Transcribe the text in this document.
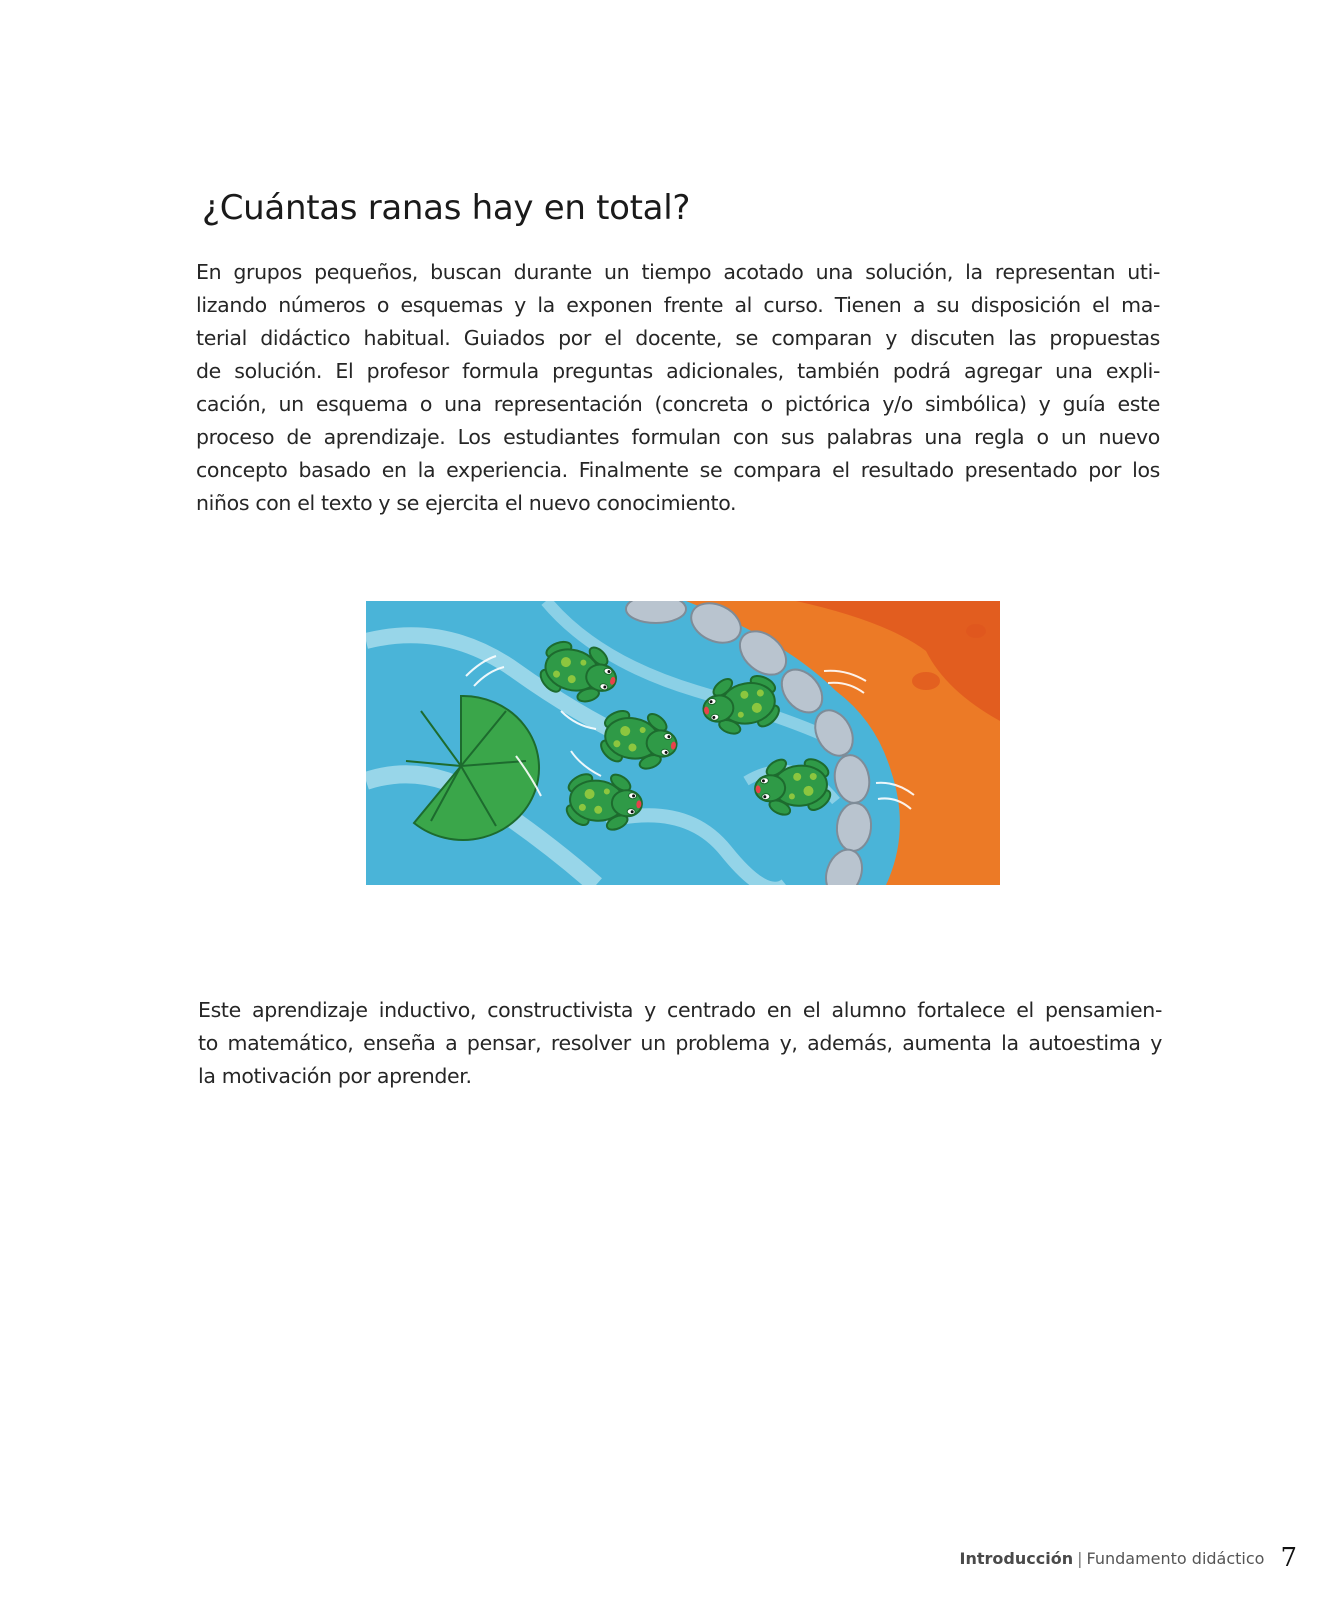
¿Cuántas ranas hay en total?
En grupos pequeños, buscan durante un tiempo acotado una solución, la representan uti-
lizando números o esquemas y la exponen frente al curso. Tienen a su disposición el ma-
terial didáctico habitual. Guiados por el docente, se comparan y discuten las propuestas
de solución. El profesor formula preguntas adicionales, también podrá agregar una expli-
cación, un esquema o una representación (concreta o pictórica y/o simbólica) y guía este
proceso de aprendizaje. Los estudiantes formulan con sus palabras una regla o un nuevo
concepto basado en la experiencia. Finalmente se compara el resultado presentado por los
niños con el texto y se ejercita el nuevo conocimiento.
Este aprendizaje inductivo, constructivista y centrado en el alumno fortalece el pensamien-
to matemático, enseña a pensar, resolver un problema y, además, aumenta la autoestima y
la motivación por aprender.
Introducción | Fundamento didáctico 7
